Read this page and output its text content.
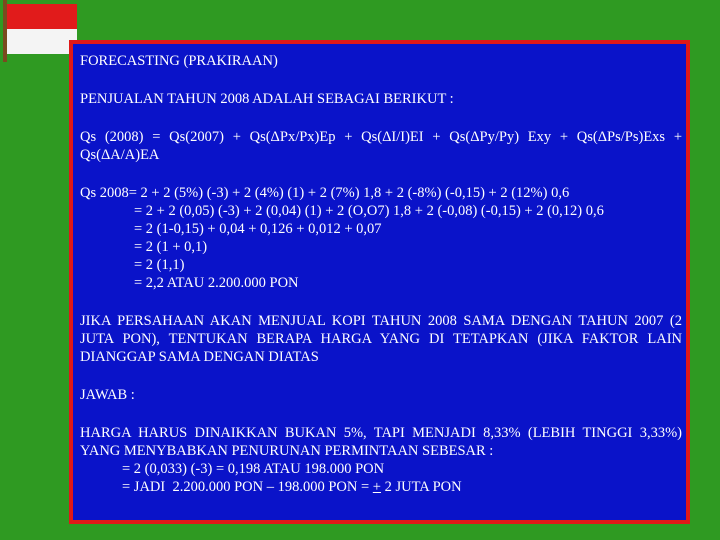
FORECASTING (PRAKIRAAN)

PENJUALAN TAHUN 2008 ADALAH SEBAGAI BERIKUT :

Qs (2008) = Qs(2007) + Qs(ΔPx/Px)Ep + Qs(ΔI/I)EI + Qs(ΔPy/Py) Exy + Qs(ΔPs/Ps)Exs + Qs(ΔA/A)EA

Qs 2008= 2 + 2 (5%) (-3) + 2 (4%) (1) + 2 (7%) 1,8 + 2 (-8%) (-0,15) + 2 (12%) 0,6
= 2 + 2 (0,05) (-3) + 2 (0,04) (1) + 2 (O,O7) 1,8 + 2 (-0,08) (-0,15) + 2 (0,12) 0,6
= 2 (1-0,15) + 0,04 + 0,126 + 0,012 + 0,07
= 2 (1 + 0,1)
= 2 (1,1)
= 2,2 ATAU 2.200.000 PON

JIKA PERSAHAAN AKAN MENJUAL KOPI TAHUN 2008 SAMA DENGAN TAHUN 2007 (2 JUTA PON), TENTUKAN BERAPA HARGA YANG DI TETAPKAN (JIKA FAKTOR LAIN DIANGGAP SAMA DENGAN DIATAS

JAWAB :

HARGA HARUS DINAIKKAN BUKAN 5%, TAPI MENJADI 8,33% (LEBIH TINGGI 3,33%) YANG MENYBABKAN PENURUNAN PERMINTAAN SEBESAR :

= 2 (0,033) (-3) = 0,198 ATAU 198.000 PON
= JADI  2.200.000 PON – 198.000 PON = + 2 JUTA PON
